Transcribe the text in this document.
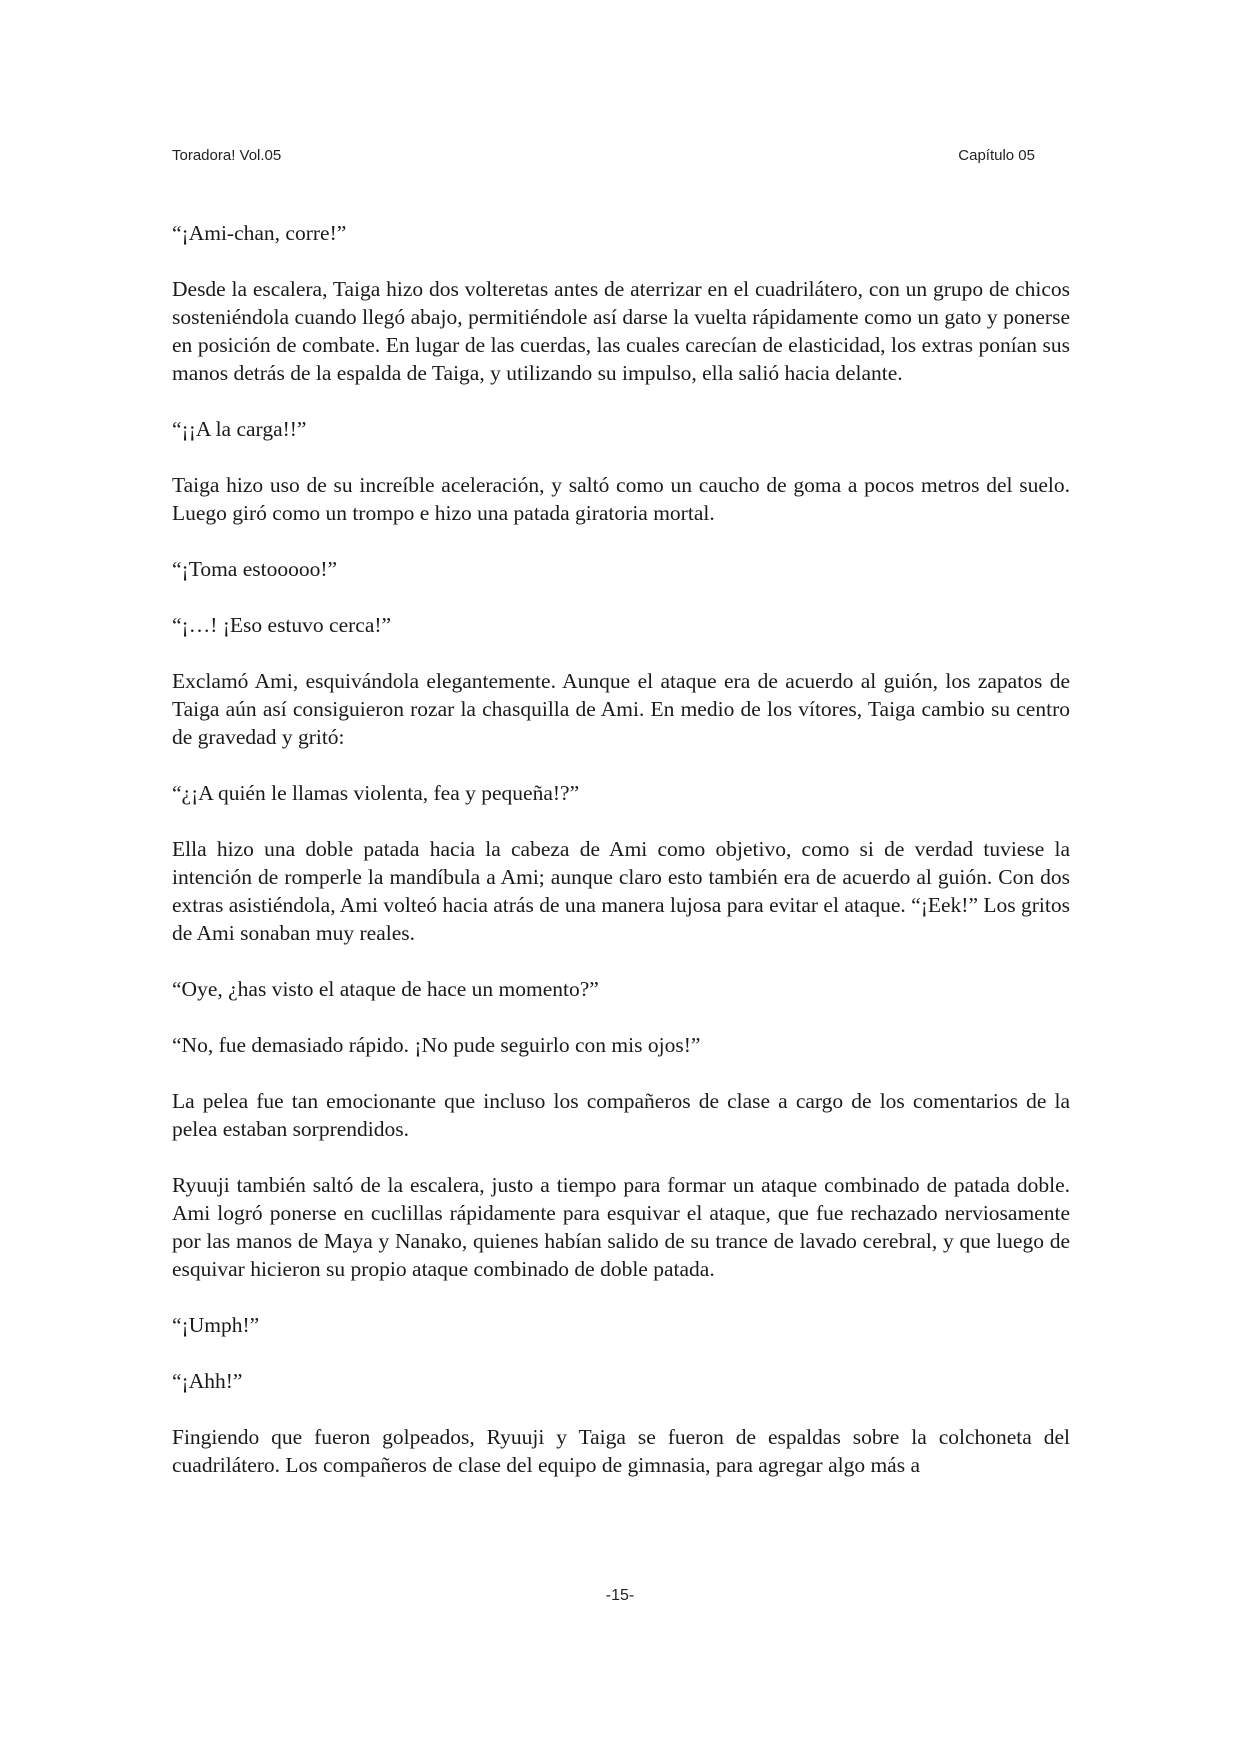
Toradora! Vol.05	Capítulo 05

“¡Ami-chan, corre!”

Desde la escalera, Taiga hizo dos volteretas antes de aterrizar en el cuadrilátero, con un grupo de chicos sosteniéndola cuando llegó abajo, permitiéndole así darse la vuelta rápidamente como un gato y ponerse en posición de combate. En lugar de las cuerdas, las cuales carecían de elasticidad, los extras ponían sus manos detrás de la espalda de Taiga, y utilizando su impulso, ella salió hacia delante.

“¡¡A la carga!!”

Taiga hizo uso de su increíble aceleración, y saltó como un caucho de goma a pocos metros del suelo. Luego giró como un trompo e hizo una patada giratoria mortal.

“¡Toma estooooo!”

“¡…! ¡Eso estuvo cerca!”

Exclamó Ami, esquivándola elegantemente. Aunque el ataque era de acuerdo al guión, los zapatos de Taiga aún así consiguieron rozar la chasquilla de Ami. En medio de los vítores, Taiga cambio su centro de gravedad y gritó:

“¿¡A quién le llamas violenta, fea y pequeña!?”

Ella hizo una doble patada hacia la cabeza de Ami como objetivo, como si de verdad tuviese la intención de romperle la mandíbula a Ami; aunque claro esto también era de acuerdo al guión. Con dos extras asistiéndola, Ami volteó hacia atrás de una manera lujosa para evitar el ataque. “¡Eek!” Los gritos de Ami sonaban muy reales.

“Oye, ¿has visto el ataque de hace un momento?”

“No, fue demasiado rápido. ¡No pude seguirlo con mis ojos!”

La pelea fue tan emocionante que incluso los compañeros de clase a cargo de los comentarios de la pelea estaban sorprendidos.

Ryuuji también saltó de la escalera, justo a tiempo para formar un ataque combinado de patada doble. Ami logró ponerse en cuclillas rápidamente para esquivar el ataque, que fue rechazado nerviosamente por las manos de Maya y Nanako, quienes habían salido de su trance de lavado cerebral, y que luego de esquivar hicieron su propio ataque combinado de doble patada.

“¡Umph!”

“¡Ahh!”

Fingiendo que fueron golpeados, Ryuuji y Taiga se fueron de espaldas sobre la colchoneta del cuadrilátero. Los compañeros de clase del equipo de gimnasia, para agregar algo más a

-15-
